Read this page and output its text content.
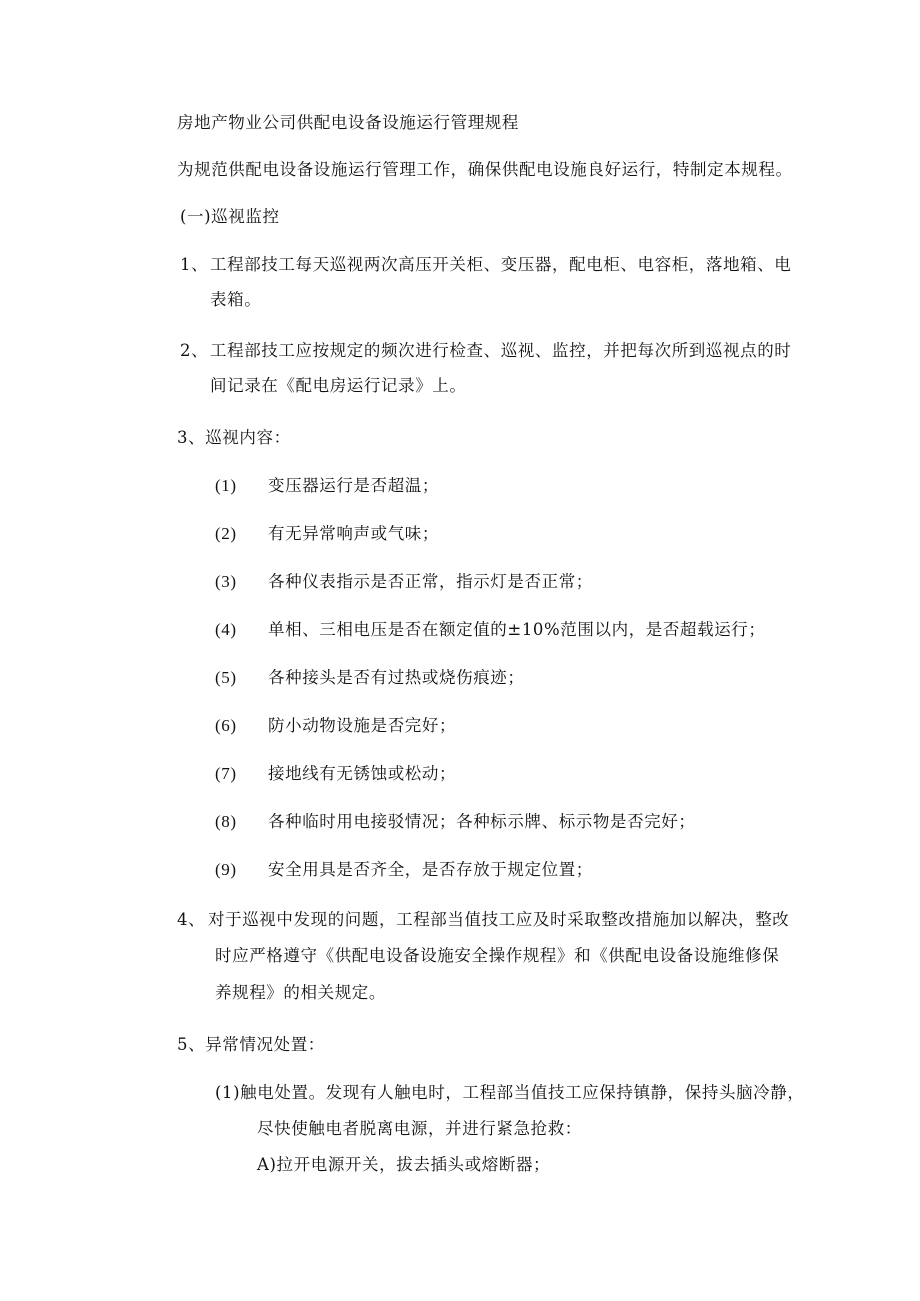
房地产物业公司供配电设备设施运行管理规程
为规范供配电设备设施运行管理工作，确保供配电设施良好运行，特制定本规程。
(一)巡视监控
1、 工程部技工每天巡视两次高压开关柜、变压器，配电柜、电容柜，落地箱、电
表箱。
2、 工程部技工应按规定的频次进行检查、巡视、监控，并把每次所到巡视点的时
间记录在《配电房运行记录》上。
3、巡视内容：
(1) 变压器运行是否超温；
(2) 有无异常响声或气味；
(3) 各种仪表指示是否正常，指示灯是否正常；
(4) 单相、三相电压是否在额定值的±10%范围以内，是否超载运行；
(5) 各种接头是否有过热或烧伤痕迹；
(6) 防小动物设施是否完好；
(7) 接地线有无锈蚀或松动；
(8) 各种临时用电接驳情况；各种标示牌、标示物是否完好；
(9) 安全用具是否齐全，是否存放于规定位置；
4、 对于巡视中发现的问题，工程部当值技工应及时采取整改措施加以解决，整改
时应严格遵守《供配电设备设施安全操作规程》和《供配电设备设施维修保
养规程》的相关规定。
5、异常情况处置：
(1)触电处置。发现有人触电时，工程部当值技工应保持镇静，保持头脑冷静，
尽快使触电者脱离电源，并进行紧急抢救：
A)拉开电源开关，拔去插头或熔断器；
